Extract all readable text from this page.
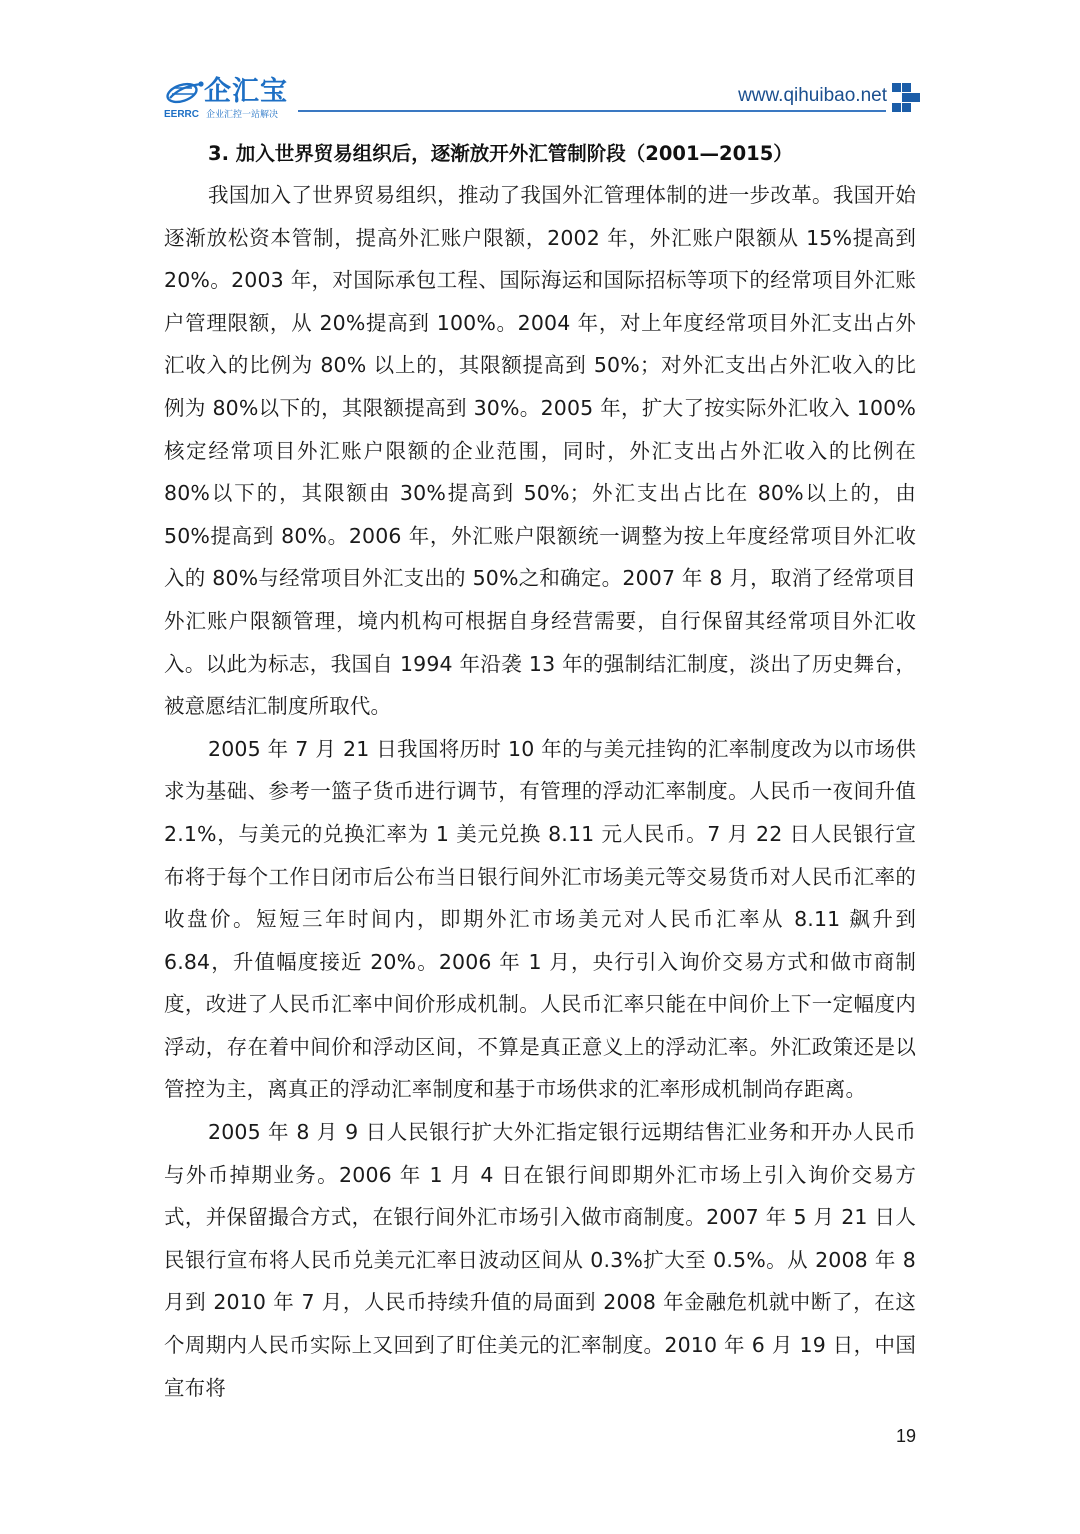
企汇宝
EERRC 企业汇控一站解决
www.qihuibao.net
3. 加入世界贸易组织后，逐渐放开外汇管制阶段（2001—2015）

我国加入了世界贸易组织，推动了我国外汇管理体制的进一步改革。我国开始逐渐放松资本管制，提高外汇账户限额，2002 年，外汇账户限额从 15%提高到 20%。2003 年，对国际承包工程、国际海运和国际招标等项下的经常项目外汇账户管理限额，从 20%提高到 100%。2004 年，对上年度经常项目外汇支出占外汇收入的比例为 80% 以上的，其限额提高到 50%；对外汇支出占外汇收入的比例为 80%以下的，其限额提高到 30%。2005 年，扩大了按实际外汇收入 100%核定经常项目外汇账户限额的企业范围，同时，外汇支出占外汇收入的比例在 80%以下的，其限额由 30%提高到 50%；外汇支出占比在 80%以上的，由 50%提高到 80%。2006 年，外汇账户限额统一调整为按上年度经常项目外汇收入的 80%与经常项目外汇支出的 50%之和确定。2007 年 8 月，取消了经常项目外汇账户限额管理，境内机构可根据自身经营需要，自行保留其经常项目外汇收入。以此为标志，我国自 1994 年沿袭 13 年的强制结汇制度，淡出了历史舞台，被意愿结汇制度所取代。

2005 年 7 月 21 日我国将历时 10 年的与美元挂钩的汇率制度改为以市场供求为基础、参考一篮子货币进行调节，有管理的浮动汇率制度。人民币一夜间升值 2.1%，与美元的兑换汇率为 1 美元兑换 8.11 元人民币。7 月 22 日人民银行宣布将于每个工作日闭市后公布当日银行间外汇市场美元等交易货币对人民币汇率的收盘价。短短三年时间内，即期外汇市场美元对人民币汇率从 8.11 飙升到 6.84，升值幅度接近 20%。2006 年 1 月，央行引入询价交易方式和做市商制度，改进了人民币汇率中间价形成机制。人民币汇率只能在中间价上下一定幅度内浮动，存在着中间价和浮动区间，不算是真正意义上的浮动汇率。外汇政策还是以管控为主，离真正的浮动汇率制度和基于市场供求的汇率形成机制尚存距离。

2005 年 8 月 9 日人民银行扩大外汇指定银行远期结售汇业务和开办人民币与外币掉期业务。2006 年 1 月 4 日在银行间即期外汇市场上引入询价交易方式，并保留撮合方式，在银行间外汇市场引入做市商制度。2007 年 5 月 21 日人民银行宣布将人民币兑美元汇率日波动区间从 0.3%扩大至 0.5%。从 2008 年 8 月到 2010 年 7 月，人民币持续升值的局面到 2008 年金融危机就中断了，在这个周期内人民币实际上又回到了盯住美元的汇率制度。2010 年 6 月 19 日，中国宣布将

19
